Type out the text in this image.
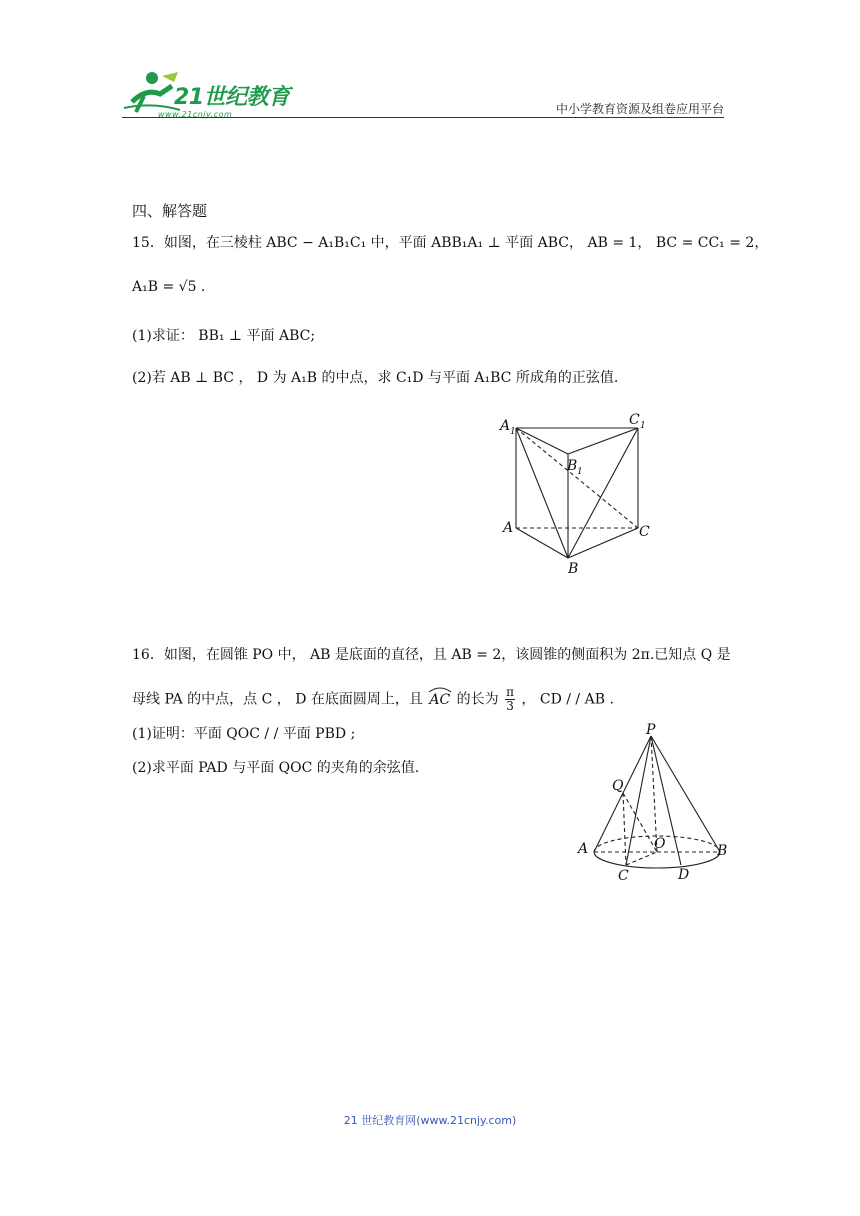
21世纪教育
www.21cnjy.com	中小学教育资源及组卷应用平台
四、解答题
15．如图，在三棱柱 ABC − A₁B₁C₁ 中，平面 ABB₁A₁ ⊥ 平面 ABC， AB = 1， BC = CC₁ = 2，
A₁B = √5 .
(1)求证： BB₁ ⊥ 平面 ABC;
(2)若 AB ⊥ BC ， D 为 A₁B 的中点，求 C₁D 与平面 A₁BC 所成角的正弦值.
A 1
C 1
B 1
A	C
B
16．如图，在圆锥 PO 中， AB 是底面的直径，且 AB = 2，该圆锥的侧面积为 2π.已知点 Q 是
母线 PA 的中点，点 C ， D 在底面圆周上，且 AC 的长为 $\frac{\pi}{3}$ ， CD / / AB .
(1)证明：平面 QOC / / 平面 PBD ;
(2)求平面 PAD 与平面 QOC 的夹角的余弦值.
P
Q
O
A	B
C	D
21 世纪教育网(www.21cnjy.com)
